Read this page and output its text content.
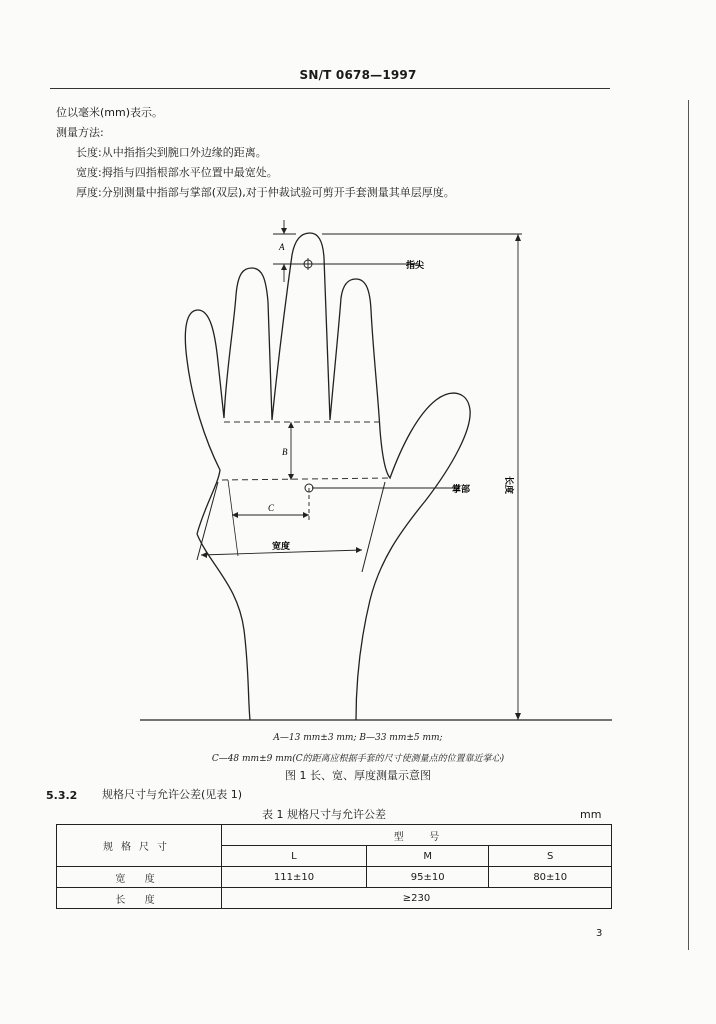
SN/T 0678—1997
位以毫米(mm)表示。
测量方法:
长度:从中指指尖到腕口外边缘的距离。
宽度:拇指与四指根部水平位置中最宽处。
厚度:分别测量中指部与掌部(双层),对于仲裁试验可剪开手套测量其单层厚度。
A
指尖
B
掌部
C
宽度
长度
A—13 mm±3 mm; B—33 mm±5 mm;
C—48 mm±9 mm(C的距离应根据手套的尺寸使测量点的位置靠近掌心)
图 1 长、宽、厚度测量示意图
5.3.2 规格尺寸与允许公差(见表 1)
表 1 规格尺寸与允许公差	mm
规格尺寸	型        号		
	L	M	S
宽 度	111±10	95±10	80±10
长 度	≥230		
3
